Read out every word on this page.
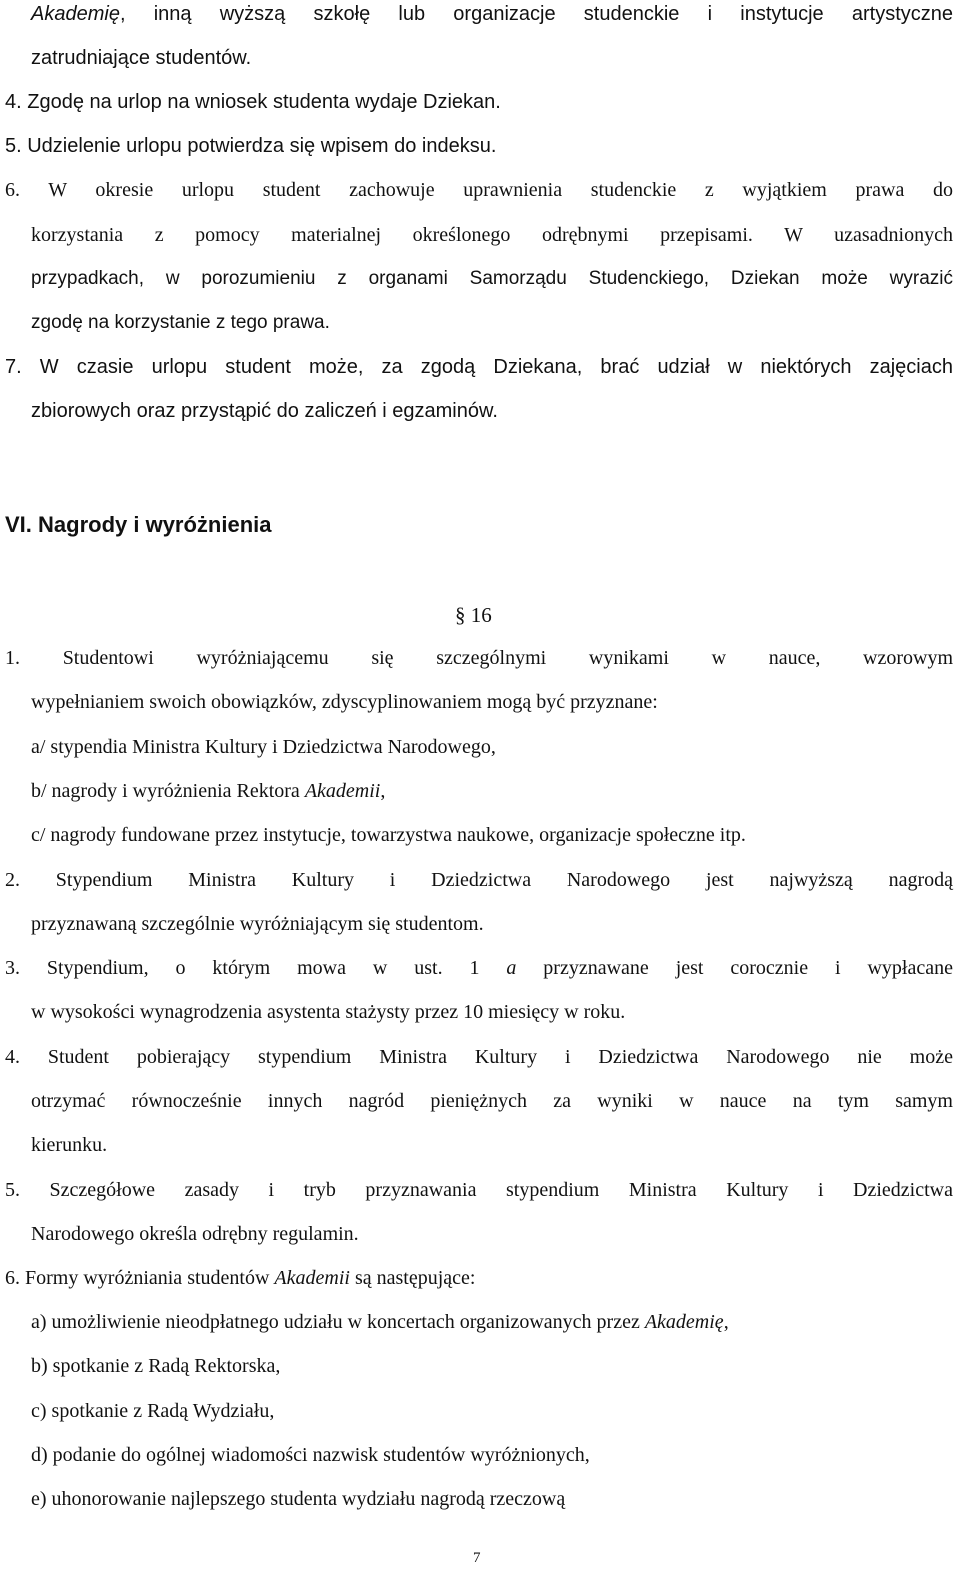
Akademię, inną wyższą szkołę lub organizacje studenckie i instytucje artystyczne
zatrudniające studentów.
4. Zgodę na urlop na wniosek studenta wydaje Dziekan.
5. Udzielenie urlopu potwierdza się wpisem do indeksu.
6. W okresie urlopu student zachowuje uprawnienia studenckie z wyjątkiem prawa do
korzystania z pomocy materialnej określonego odrębnymi przepisami. W uzasadnionych
przypadkach, w porozumieniu z organami Samorządu Studenckiego, Dziekan może wyrazić
zgodę na korzystanie z tego prawa.
7. W czasie urlopu student może, za zgodą Dziekana, brać udział w niektórych zajęciach
zbiorowych oraz przystąpić do zaliczeń i egzaminów.
VI. Nagrody i wyróżnienia
§ 16
1. Studentowi wyróżniającemu się szczególnymi wynikami w nauce, wzorowym
wypełnianiem swoich obowiązków, zdyscyplinowaniem mogą być przyznane:
a/ stypendia Ministra Kultury i Dziedzictwa Narodowego,
b/ nagrody i wyróżnienia Rektora Akademii,
c/ nagrody fundowane przez instytucje, towarzystwa naukowe, organizacje społeczne itp.
2. Stypendium Ministra Kultury i Dziedzictwa Narodowego jest najwyższą nagrodą
przyznawaną szczególnie wyróżniającym się studentom.
3. Stypendium, o którym mowa w ust. 1 a przyznawane jest corocznie i wypłacane
w wysokości wynagrodzenia asystenta stażysty przez 10 miesięcy w roku.
4. Student pobierający stypendium Ministra Kultury i Dziedzictwa Narodowego nie może
otrzymać równocześnie innych nagród pieniężnych za wyniki w nauce na tym samym
kierunku.
5. Szczegółowe zasady i tryb przyznawania stypendium Ministra Kultury i Dziedzictwa
Narodowego określa odrębny regulamin.
6. Formy wyróżniania studentów Akademii są następujące:
a) umożliwienie nieodpłatnego udziału w koncertach organizowanych przez Akademię,
b) spotkanie z Radą Rektorska,
c) spotkanie z Radą Wydziału,
d) podanie do ogólnej wiadomości nazwisk studentów wyróżnionych,
e) uhonorowanie najlepszego studenta wydziału nagrodą rzeczową
7
